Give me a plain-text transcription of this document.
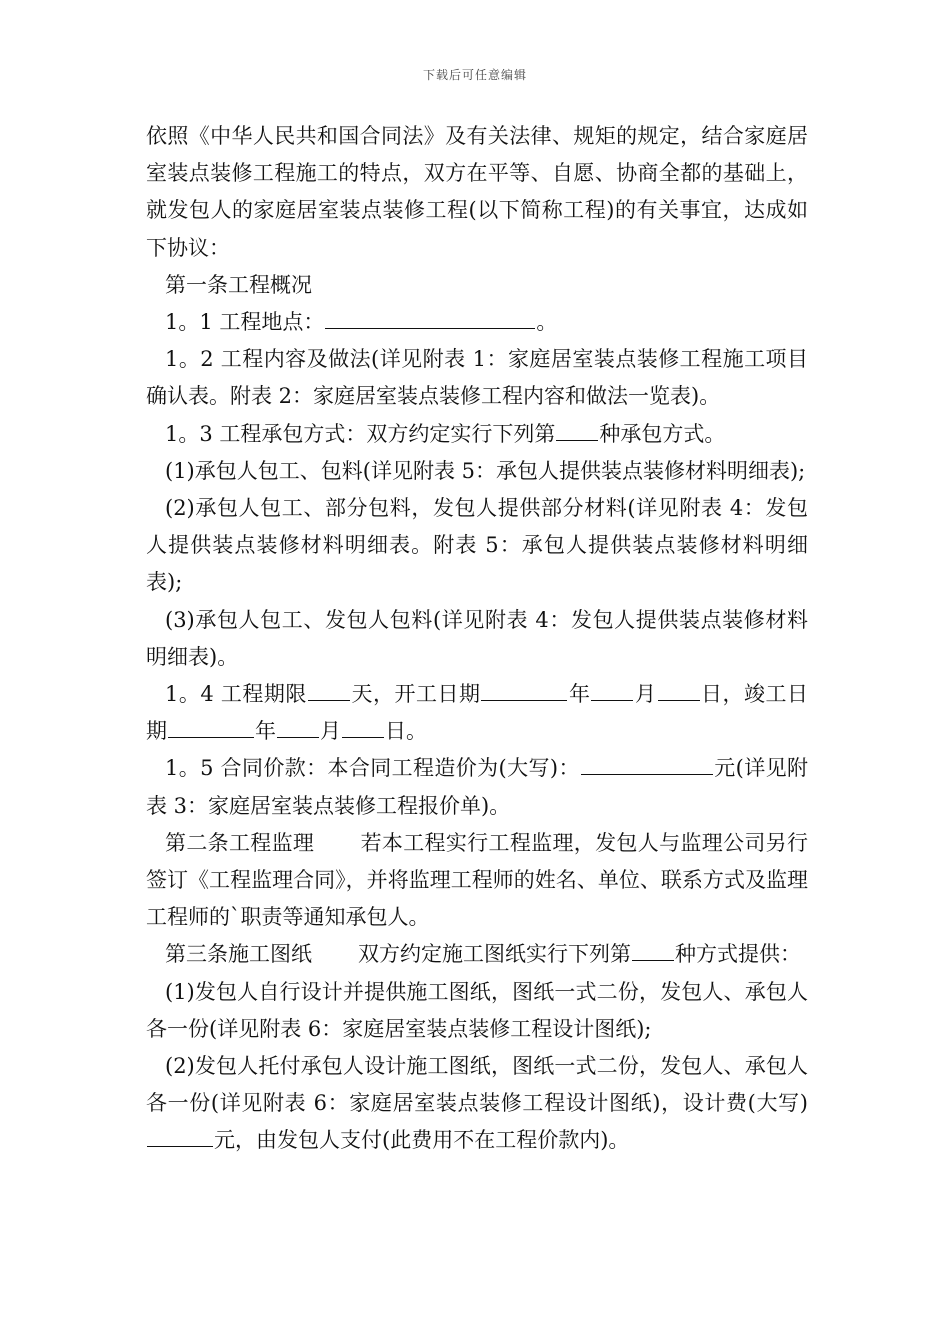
下载后可任意编辑

依照《中华人民共和国合同法》及有关法律、规矩的规定，结合家庭居室装点装修工程施工的特点，双方在平等、自愿、协商全都的基础上，就发包人的家庭居室装点装修工程(以下简称工程)的有关事宜，达成如下协议：

第一条工程概况

1。1 工程地点：	。

1。2 工程内容及做法(详见附表 1：家庭居室装点装修工程施工项目确认表。附表 2：家庭居室装点装修工程内容和做法一览表)。

1。3 工程承包方式：双方约定实行下列第 种承包方式。

(1)承包人包工、包料(详见附表 5：承包人提供装点装修材料明细表);

(2)承包人包工、部分包料，发包人提供部分材料(详见附表 4：发包人提供装点装修材料明细表。附表 5：承包人提供装点装修材料明细表);

(3)承包人包工、发包人包料(详见附表 4：发包人提供装点装修材料明细表)。

1。4 工程期限 天，开工日期	年 月 日，竣工日期	年 月 日。

1。5 合同价款：本合同工程造价为(大写)：	元(详见附表 3：家庭居室装点装修工程报价单)。

第二条工程监理 若本工程实行工程监理，发包人与监理公司另行签订《工程监理合同》，并将监理工程师的姓名、单位、联系方式及监理工程师的`职责等通知承包人。

第三条施工图纸 双方约定施工图纸实行下列第 种方式提供：

(1)发包人自行设计并提供施工图纸，图纸一式二份，发包人、承包人各一份(详见附表 6：家庭居室装点装修工程设计图纸);

(2)发包人托付承包人设计施工图纸，图纸一式二份，发包人、承包人各一份(详见附表 6：家庭居室装点装修工程设计图纸)，设计费(大写)元，由发包人支付(此费用不在工程价款内)。
